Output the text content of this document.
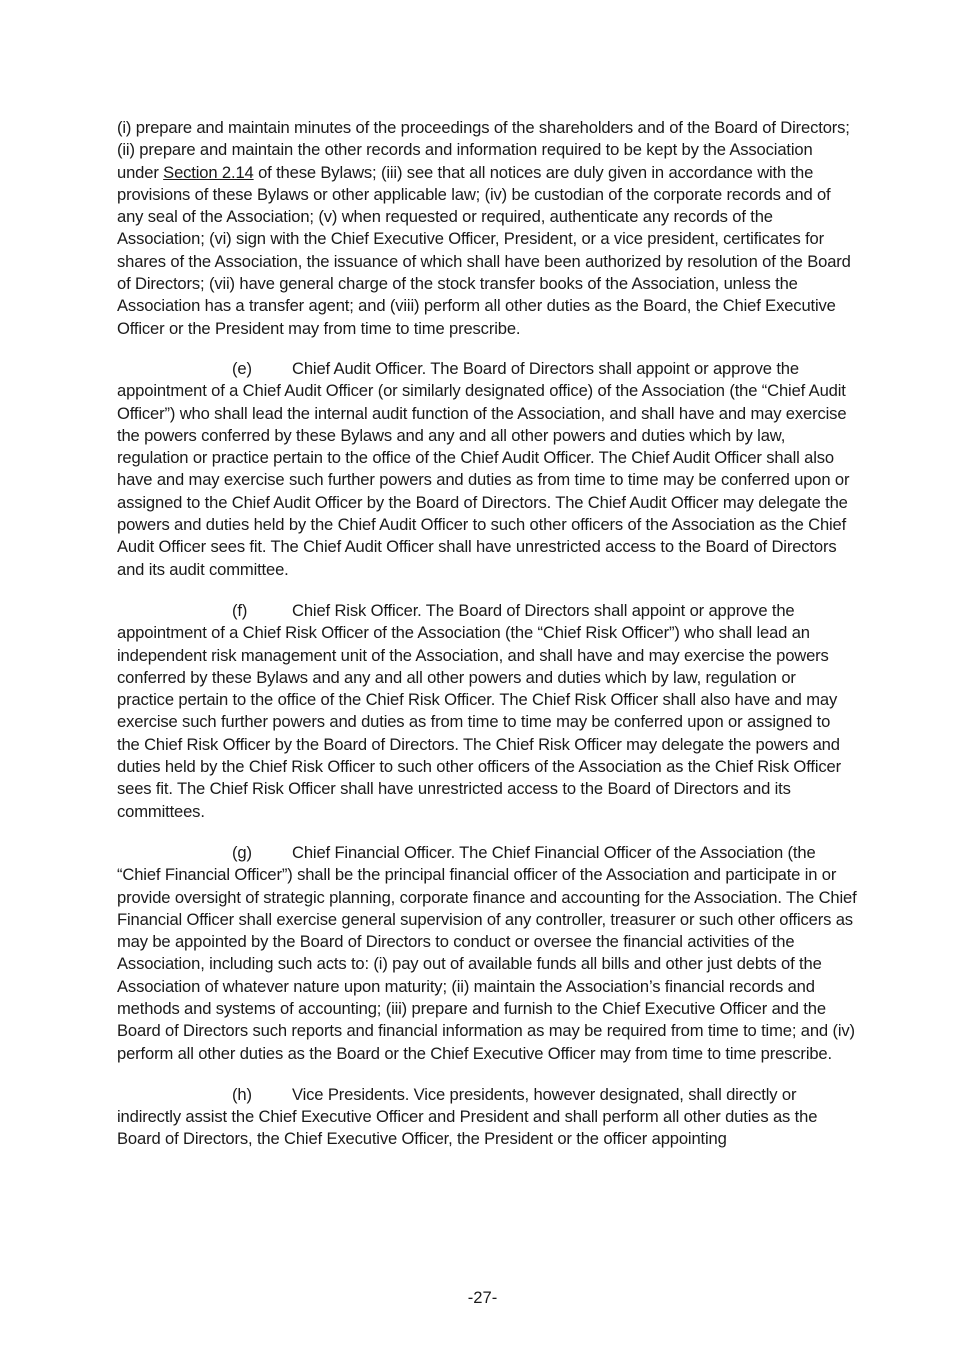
(i) prepare and maintain minutes of the proceedings of the shareholders and of the Board of Directors; (ii) prepare and maintain the other records and information required to be kept by the Association under Section 2.14 of these Bylaws; (iii) see that all notices are duly given in accordance with the provisions of these Bylaws or other applicable law; (iv) be custodian of the corporate records and of any seal of the Association; (v) when requested or required, authenticate any records of the Association; (vi) sign with the Chief Executive Officer, President, or a vice president, certificates for shares of the Association, the issuance of which shall have been authorized by resolution of the Board of Directors; (vii) have general charge of the stock transfer books of the Association, unless the Association has a transfer agent; and (viii) perform all other duties as the Board, the Chief Executive Officer or the President may from time to time prescribe.

(e) Chief Audit Officer. The Board of Directors shall appoint or approve the appointment of a Chief Audit Officer (or similarly designated office) of the Association (the “Chief Audit Officer”) who shall lead the internal audit function of the Association, and shall have and may exercise the powers conferred by these Bylaws and any and all other powers and duties which by law, regulation or practice pertain to the office of the Chief Audit Officer. The Chief Audit Officer shall also have and may exercise such further powers and duties as from time to time may be conferred upon or assigned to the Chief Audit Officer by the Board of Directors. The Chief Audit Officer may delegate the powers and duties held by the Chief Audit Officer to such other officers of the Association as the Chief Audit Officer sees fit. The Chief Audit Officer shall have unrestricted access to the Board of Directors and its audit committee.

(f)	Chief Risk Officer. The Board of Directors shall appoint or approve the appointment of a Chief Risk Officer of the Association (the “Chief Risk Officer”) who shall lead an independent risk management unit of the Association, and shall have and may exercise the powers conferred by these Bylaws and any and all other powers and duties which by law, regulation or practice pertain to the office of the Chief Risk Officer. The Chief Risk Officer shall also have and may exercise such further powers and duties as from time to time may be conferred upon or assigned to the Chief Risk Officer by the Board of Directors. The Chief Risk Officer may delegate the powers and duties held by the Chief Risk Officer to such other officers of the Association as the Chief Risk Officer sees fit. The Chief Risk Officer shall have unrestricted access to the Board of Directors and its committees.

(g) Chief Financial Officer. The Chief Financial Officer of the Association (the “Chief Financial Officer”) shall be the principal financial officer of the Association and participate in or provide oversight of strategic planning, corporate finance and accounting for the Association. The Chief Financial Officer shall exercise general supervision of any controller, treasurer or such other officers as may be appointed by the Board of Directors to conduct or oversee the financial activities of the Association, including such acts to: (i) pay out of available funds all bills and other just debts of the Association of whatever nature upon maturity; (ii) maintain the Association’s financial records and methods and systems of accounting; (iii) prepare and furnish to the Chief Executive Officer and the Board of Directors such reports and financial information as may be required from time to time; and (iv) perform all other duties as the Board or the Chief Executive Officer may from time to time prescribe.

(h) Vice Presidents. Vice presidents, however designated, shall directly or indirectly assist the Chief Executive Officer and President and shall perform all other duties as the Board of Directors, the Chief Executive Officer, the President or the officer appointing

-27-
